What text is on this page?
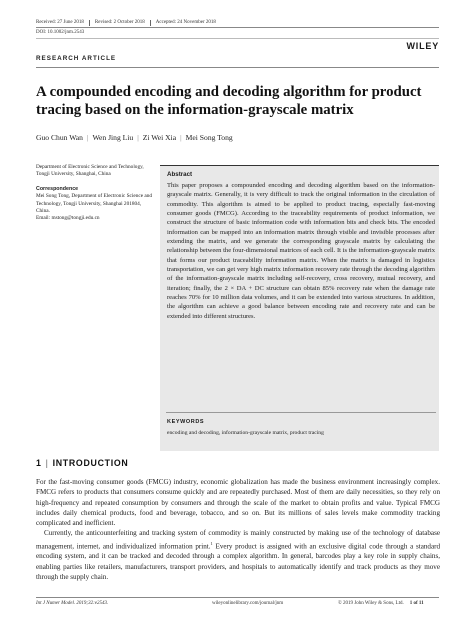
Received: 27 June 2018 Revised: 2 October 2018 Accepted: 24 November 2018
DOI: 10.1002/jnm.2543
WILEY
RESEARCH ARTICLE
A compounded encoding and decoding algorithm for product tracing based on the information-grayscale matrix
Guo Chun Wan | Wen Jing Liu | Zi Wei Xia | Mei Song Tong
Department of Electronic Science and Technology, Tongji University, Shanghai, China
Correspondence
Mei Song Tong, Department of Electronic Science and Technology, Tongji University, Shanghai 201804, China.
Email: mstong@tongji.edu.cn
Abstract
This paper proposes a compounded encoding and decoding algorithm based on the information-grayscale matrix. Generally, it is very difficult to track the original information in the circulation of commodity. This algorithm is aimed to be applied to product tracing, especially fast-moving consumer goods (FMCG). According to the traceability requirements of product information, we construct the structure of basic information code with information bits and check bits. The encoded information can be mapped into an information matrix through visible and invisible processes after extending the matrix, and we generate the corresponding grayscale matrix by calculating the relationship between the four-dimensional matrices of each cell. It is the information-grayscale matrix that forms our product traceability information matrix. When the matrix is damaged in logistics transportation, we can get very high matrix information recovery rate through the decoding algorithm of the information-grayscale matrix including self-recovery, cross recovery, mutual recovery, and iteration; finally, the 2 × DA + DC structure can obtain 85% recovery rate when the damage rate reaches 70% for 10 million data volumes, and it can be extended into various structures. In addition, the algorithm can achieve a good balance between encoding rate and recovery rate and can be extended into different structures.
KEYWORDS
encoding and decoding, information-grayscale matrix, product tracing
1 | INTRODUCTION

For the fast-moving consumer goods (FMCG) industry, economic globalization has made the business environment increasingly complex. FMCG refers to products that consumers consume quickly and are repeatedly purchased. Most of them are daily necessities, so they rely on high-frequency and repeated consumption by consumers and through the scale of the market to obtain profits and value. Typical FMCG includes daily chemical products, food and beverage, tobacco, and so on. But its millions of sales levels make commodity tracking complicated and inefficient.

Currently, the anticounterfeiting and tracking system of commodity is mainly constructed by making use of the technology of database management, internet, and individualized information print.$^1$ Every product is assigned with an exclusive digital code through a standard encoding system, and it can be tracked and decoded through a complex algorithm. In general, barcodes play a key role in supply chains, enabling parties like retailers, manufacturers, transport providers, and hospitals to automatically identify and track products as they move through the supply chain.

Int J Numer Model. 2019;32:e2543.	wileyonlinelibrary.com/journal/jnm	© 2019 John Wiley & Sons, Ltd. 1 of 11
